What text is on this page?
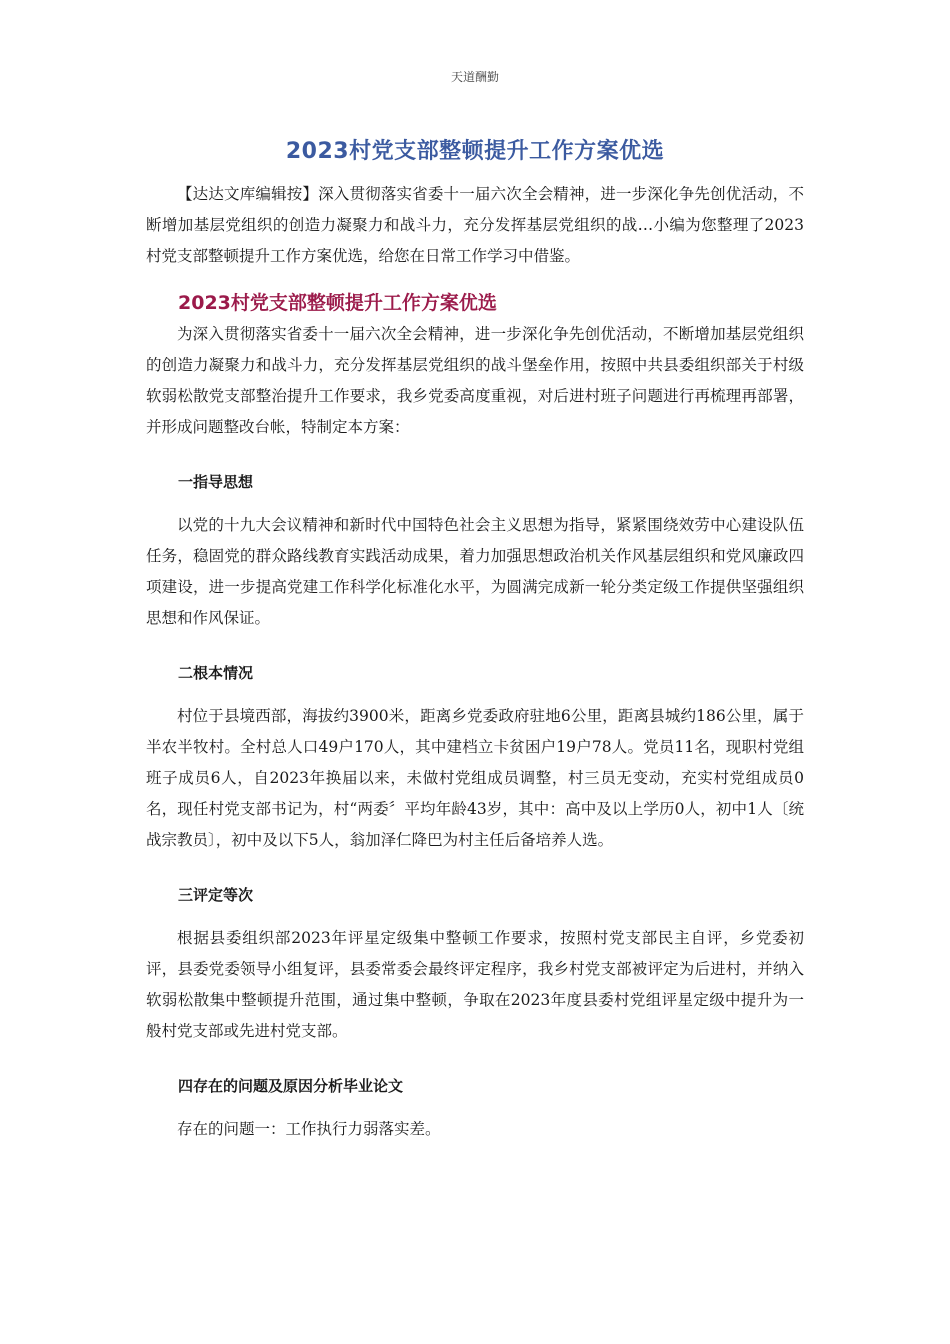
天道酬勤
2023村党支部整顿提升工作方案优选

【达达文库编辑按】深入贯彻落实省委十一届六次全会精神，进一步深化争先创优活动，不断增加基层党组织的创造力凝聚力和战斗力，充分发挥基层党组织的战…小编为您整理了2023村党支部整顿提升工作方案优选，给您在日常工作学习中借鉴。

2023村党支部整顿提升工作方案优选

为深入贯彻落实省委十一届六次全会精神，进一步深化争先创优活动，不断增加基层党组织的创造力凝聚力和战斗力，充分发挥基层党组织的战斗堡垒作用，按照中共县委组织部关于村级软弱松散党支部整治提升工作要求，我乡党委高度重视，对后进村班子问题进行再梳理再部署，并形成问题整改台帐，特制定本方案：

一指导思想

以党的十九大会议精神和新时代中国特色社会主义思想为指导，紧紧围绕效劳中心建设队伍任务，稳固党的群众路线教育实践活动成果，着力加强思想政治机关作风基层组织和党风廉政四项建设，进一步提高党建工作科学化标准化水平，为圆满完成新一轮分类定级工作提供坚强组织思想和作风保证。

二根本情况

村位于县境西部，海拔约3900米，距离乡党委政府驻地6公里，距离县城约186公里，属于半农半牧村。全村总人口49户170人，其中建档立卡贫困户19户78人。党员11名，现职村党组班子成员6人，自2023年换届以来，未做村党组成员调整，村三员无变动，充实村党组成员0名，现任村党支部书记为，村“两委〞平均年龄43岁，其中：高中及以上学历0人，初中1人〔统战宗教员〕，初中及以下5人，翁加泽仁降巴为村主任后备培养人选。

三评定等次

根据县委组织部2023年评星定级集中整顿工作要求，按照村党支部民主自评，乡党委初评，县委党委领导小组复评，县委常委会最终评定程序，我乡村党支部被评定为后进村，并纳入软弱松散集中整顿提升范围，通过集中整顿，争取在2023年度县委村党组评星定级中提升为一般村党支部或先进村党支部。

四存在的问题及原因分析毕业论文

存在的问题一：工作执行力弱落实差。
